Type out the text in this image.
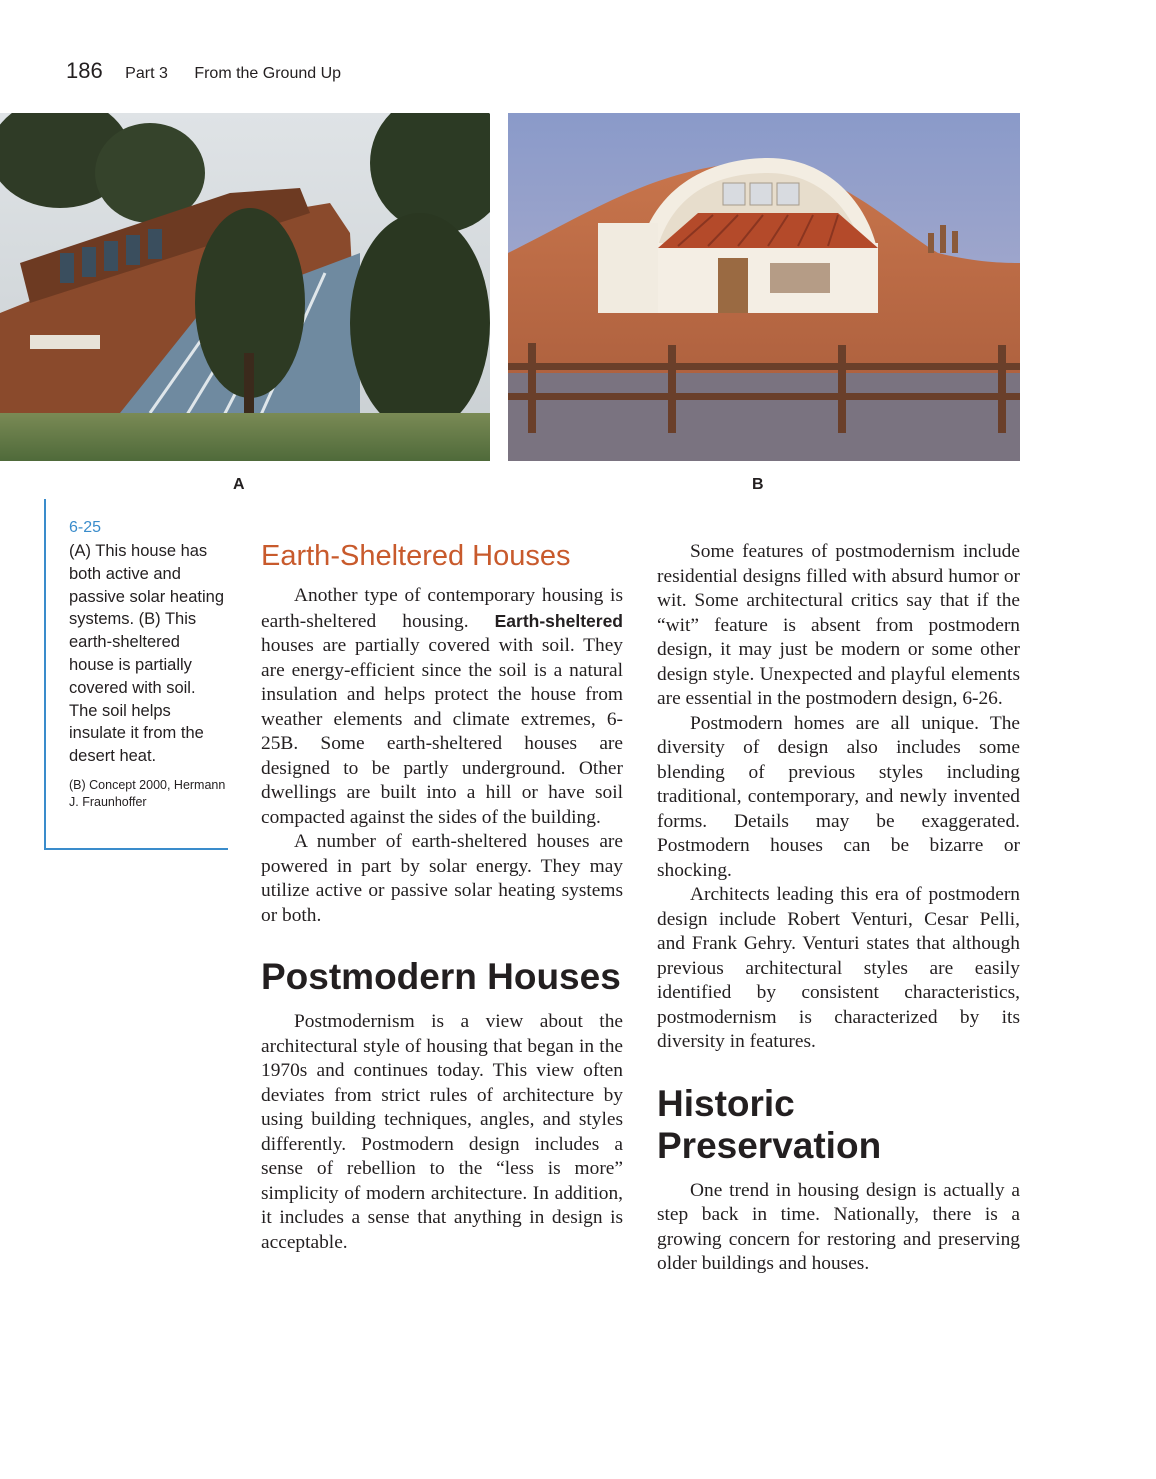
186 Part 3 From the Ground Up
A	B
6-25
(A) This house has both active and passive solar heating systems. (B) This earth-sheltered house is partially covered with soil. The soil helps insulate it from the desert heat.
(B) Concept 2000, Hermann J. Fraunhoffer
Earth-Sheltered Houses

Another type of contemporary housing is earth-sheltered housing. Earth-sheltered houses are partially covered with soil. They are energy-efficient since the soil is a natural insulation and helps protect the house from weather elements and climate extremes, 6-25B. Some earth-sheltered houses are designed to be partly underground. Other dwellings are built into a hill or have soil compacted against the sides of the building.

A number of earth-sheltered houses are powered in part by solar energy. They may utilize active or passive solar heating systems or both.

Postmodern Houses

Postmodernism is a view about the architectural style of housing that began in the 1970s and continues today. This view often deviates from strict rules of architecture by using building techniques, angles, and styles differently. Postmodern design includes a sense of rebellion to the “less is more” simplicity of modern architecture. In addition, it includes a sense that anything in design is acceptable.

Some features of postmodernism include residential designs filled with absurd humor or wit. Some architectural critics say that if the “wit” feature is absent from postmodern design, it may just be modern or some other design style. Unexpected and playful elements are essential in the postmodern design, 6-26.

Postmodern homes are all unique. The diversity of design also includes some blending of previous styles including traditional, contemporary, and newly invented forms. Details may be exaggerated. Postmodern houses can be bizarre or shocking.

Architects leading this era of postmodern design include Robert Venturi, Cesar Pelli, and Frank Gehry. Venturi states that although previous architectural styles are easily identified by consistent characteristics, postmodernism is characterized by its diversity in features.

Historic Preservation

One trend in housing design is actually a step back in time. Nationally, there is a growing concern for restoring and preserving older buildings and houses.
